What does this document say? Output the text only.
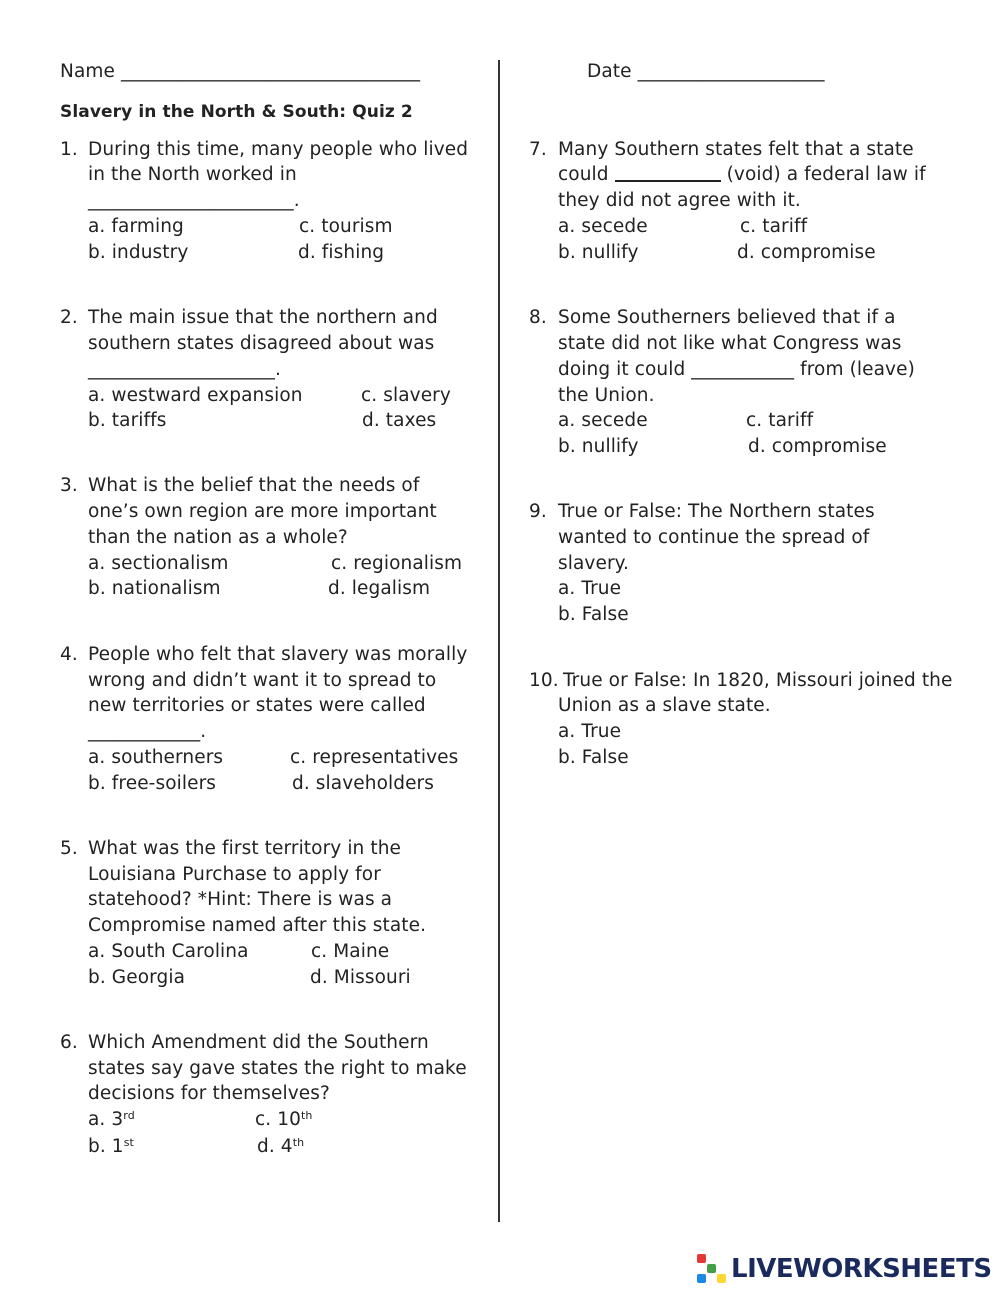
Name ________________________________	Date ____________________
Slavery in the North & South: Quiz 2
1. During this time, many people who lived
in the North worked in
______________________.
a. farming	c. tourism
b. industry	d. fishing
2. The main issue that the northern and
southern states disagreed about was
____________________.
a. westward expansion	c. slavery
b. tariffs	d. taxes
3. What is the belief that the needs of
one’s own region are more important
than the nation as a whole?
a. sectionalism	c. regionalism
b. nationalism	d. legalism
4. People who felt that slavery was morally
wrong and didn’t want it to spread to
new territories or states were called
____________.
a. southerners	c. representatives
b. free-soilers	d. slaveholders
5. What was the first territory in the
Louisiana Purchase to apply for
statehood? *Hint: There is was a
Compromise named after this state.
a. South Carolina	c. Maine
b. Georgia	d. Missouri
6. Which Amendment did the Southern
states say gave states the right to make
decisions for themselves?
a. 3rd	c. 10th
b. 1st	d. 4th
7. Many Southern states felt that a state
could	(void) a federal law if
they did not agree with it.
a. secede	c. tariff
b. nullify	d. compromise
8. Some Southerners believed that if a
state did not like what Congress was
doing it could ___________ from (leave)
the Union.
a. secede	c. tariff
b. nullify	d. compromise
9. True or False: The Northern states
wanted to continue the spread of
slavery.
a. True
b. False
10. True or False: In 1820, Missouri joined the
Union as a slave state.
a. True
b. False
LIVEWORKSHEETS
